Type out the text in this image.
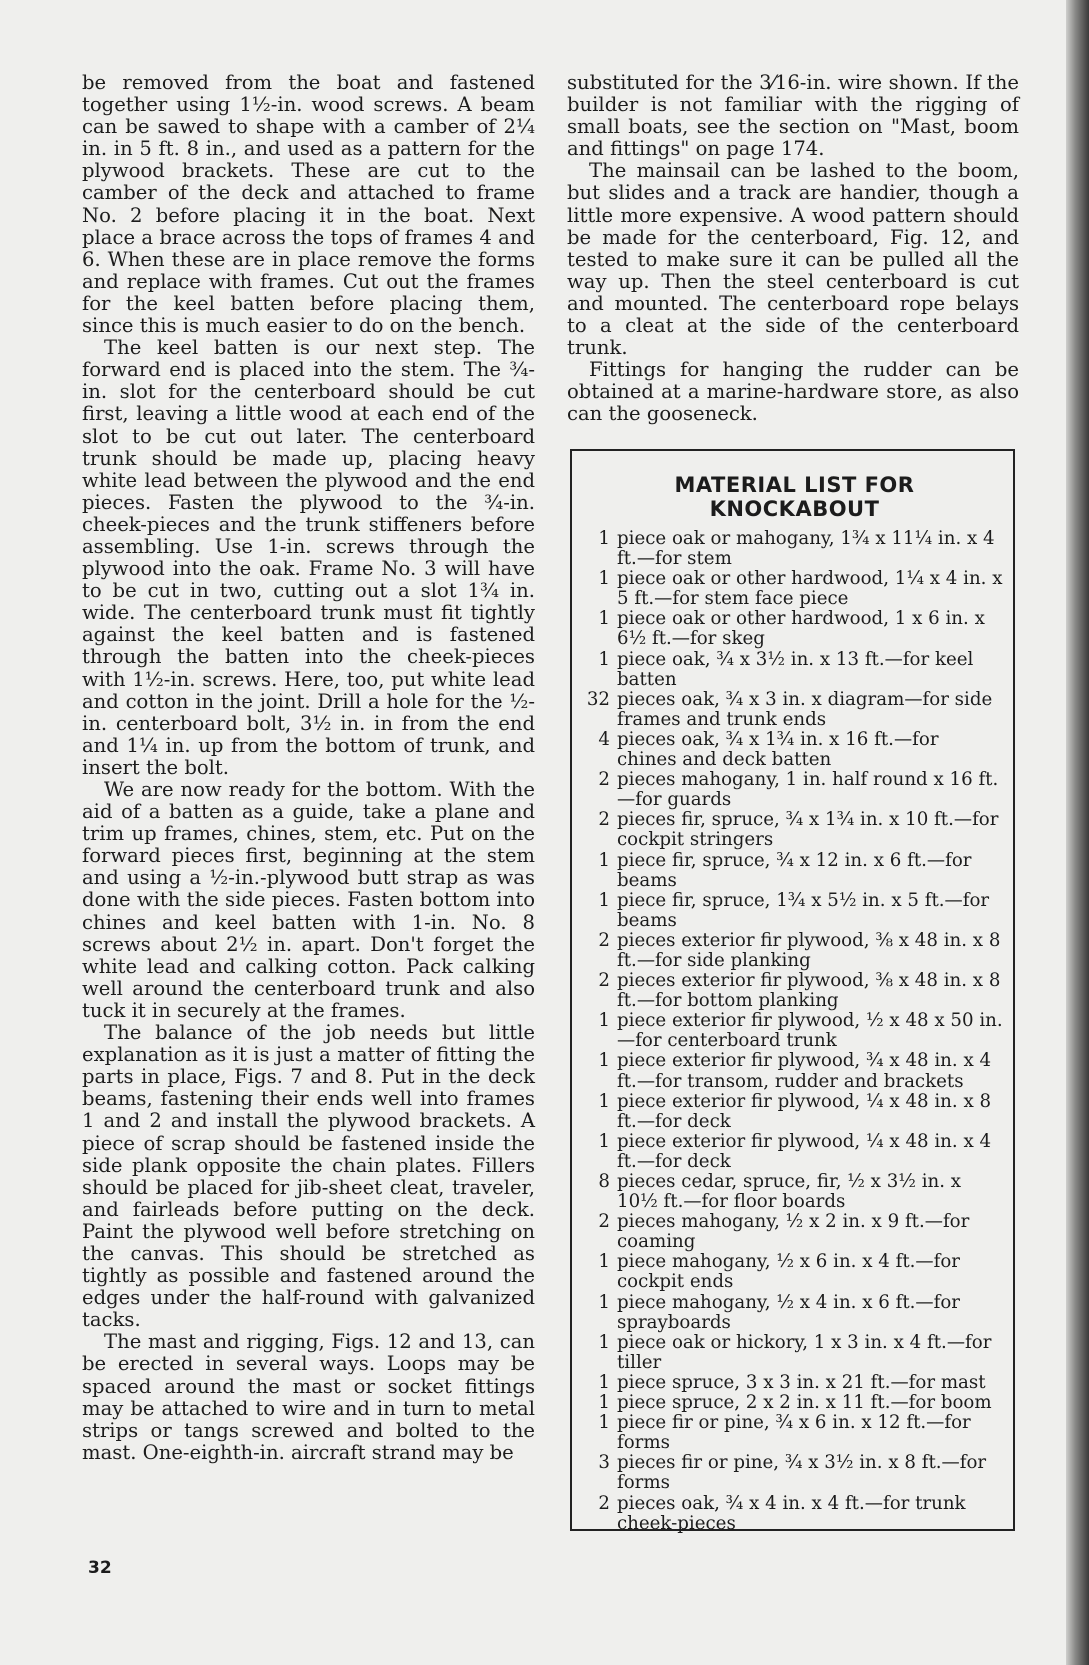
be removed from the boat and fastened together using 1½-in. wood screws. A beam can be sawed to shape with a camber of 2¼ in. in 5 ft. 8 in., and used as a pattern for the plywood brackets. These are cut to the camber of the deck and attached to frame No. 2 before placing it in the boat. Next place a brace across the tops of frames 4 and 6. When these are in place remove the forms and replace with frames. Cut out the frames for the keel batten before placing them, since this is much easier to do on the bench.

The keel batten is our next step. The forward end is placed into the stem. The ¾-in. slot for the centerboard should be cut first, leaving a little wood at each end of the slot to be cut out later. The centerboard trunk should be made up, placing heavy white lead between the plywood and the end pieces. Fasten the plywood to the ¾-in. cheek-pieces and the trunk stiffeners before assembling. Use 1-in. screws through the plywood into the oak. Frame No. 3 will have to be cut in two, cutting out a slot 1¾ in. wide. The centerboard trunk must fit tightly against the keel batten and is fastened through the batten into the cheek-pieces with 1½-in. screws. Here, too, put white lead and cotton in the joint. Drill a hole for the ½-in. centerboard bolt, 3½ in. in from the end and 1¼ in. up from the bottom of trunk, and insert the bolt.

We are now ready for the bottom. With the aid of a batten as a guide, take a plane and trim up frames, chines, stem, etc. Put on the forward pieces first, beginning at the stem and using a ½-in.-plywood butt strap as was done with the side pieces. Fasten bottom into chines and keel batten with 1-in. No. 8 screws about 2½ in. apart. Don't forget the white lead and calking cotton. Pack calking well around the centerboard trunk and also tuck it in securely at the frames.

The balance of the job needs but little explanation as it is just a matter of fitting the parts in place, Figs. 7 and 8. Put in the deck beams, fastening their ends well into frames 1 and 2 and install the plywood brackets. A piece of scrap should be fastened inside the side plank opposite the chain plates. Fillers should be placed for jib-sheet cleat, traveler, and fairleads before putting on the deck. Paint the plywood well before stretching on the canvas. This should be stretched as tightly as possible and fastened around the edges under the half-round with galvanized tacks.

The mast and rigging, Figs. 12 and 13, can be erected in several ways. Loops may be spaced around the mast or socket fittings may be attached to wire and in turn to metal strips or tangs screwed and bolted to the mast. One-eighth-in. aircraft strand may be

substituted for the 3⁄16-in. wire shown. If the builder is not familiar with the rigging of small boats, see the section on "Mast, boom and fittings" on page 174.

The mainsail can be lashed to the boom, but slides and a track are handier, though a little more expensive. A wood pattern should be made for the centerboard, Fig. 12, and tested to make sure it can be pulled all the way up. Then the steel centerboard is cut and mounted. The centerboard rope belays to a cleat at the side of the centerboard trunk.

Fittings for hanging the rudder can be obtained at a marine-hardware store, as also can the gooseneck.

MATERIAL LIST FOR KNOCKABOUT
1 piece oak or mahogany, 1¾ x 11¼ in. x 4 ft.—for stem
1 piece oak or other hardwood, 1¼ x 4 in. x 5 ft.—for stem face piece
1 piece oak or other hardwood, 1 x 6 in. x 6½ ft.—for skeg
1 piece oak, ¾ x 3½ in. x 13 ft.—for keel batten
32 pieces oak, ¾ x 3 in. x diagram—for side frames and trunk ends
4 pieces oak, ¾ x 1¾ in. x 16 ft.—for chines and deck batten
2 pieces mahogany, 1 in. half round x 16 ft. —for guards
2 pieces fir, spruce, ¾ x 1¾ in. x 10 ft.—for cockpit stringers
1 piece fir, spruce, ¾ x 12 in. x 6 ft.—for beams
1 piece fir, spruce, 1¾ x 5½ in. x 5 ft.—for beams
2 pieces exterior fir plywood, ⅜ x 48 in. x 8 ft.—for side planking
2 pieces exterior fir plywood, ⅜ x 48 in. x 8 ft.—for bottom planking
1 piece exterior fir plywood, ½ x 48 x 50 in. —for centerboard trunk
1 piece exterior fir plywood, ¾ x 48 in. x 4 ft.—for transom, rudder and brackets
1 piece exterior fir plywood, ¼ x 48 in. x 8 ft.—for deck
1 piece exterior fir plywood, ¼ x 48 in. x 4 ft.—for deck
8 pieces cedar, spruce, fir, ½ x 3½ in. x 10½ ft.—for floor boards
2 pieces mahogany, ½ x 2 in. x 9 ft.—for coaming
1 piece mahogany, ½ x 6 in. x 4 ft.—for cockpit ends
1 piece mahogany, ½ x 4 in. x 6 ft.—for sprayboards
1 piece oak or hickory, 1 x 3 in. x 4 ft.—for tiller
1 piece spruce, 3 x 3 in. x 21 ft.—for mast
1 piece spruce, 2 x 2 in. x 11 ft.—for boom
1 piece fir or pine, ¾ x 6 in. x 12 ft.—for forms
3 pieces fir or pine, ¾ x 3½ in. x 8 ft.—for forms
2 pieces oak, ¾ x 4 in. x 4 ft.—for trunk cheek-pieces
32
